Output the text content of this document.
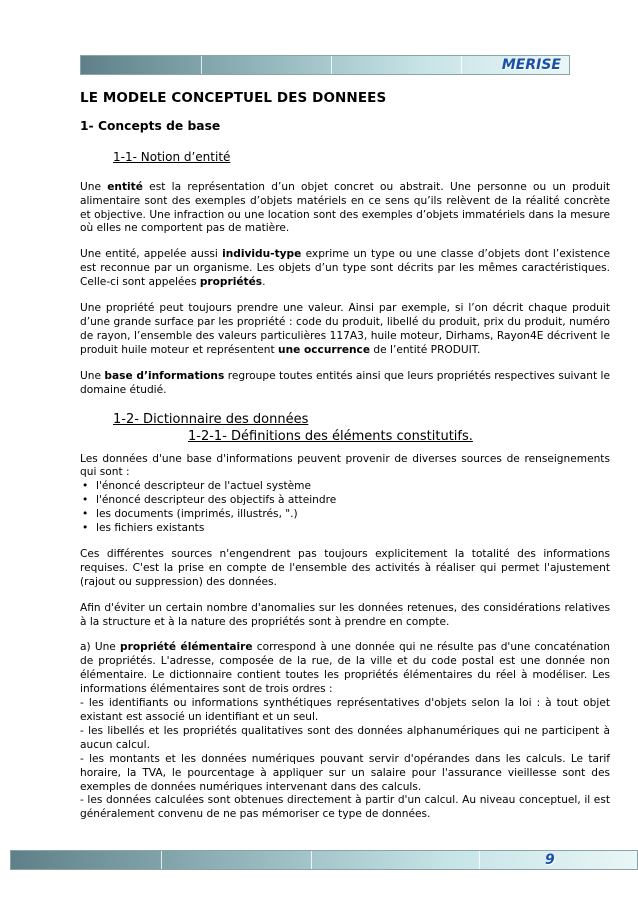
MERISE
LE MODELE CONCEPTUEL DES DONNEES
1- Concepts de base
1-1- Notion d’entité

Une entité est la représentation d’un objet concret ou abstrait. Une personne ou un produit alimentaire sont des exemples d’objets matériels en ce sens qu’ils relèvent de la réalité concrète et objective. Une infraction ou une location sont des exemples d’objets immatériels dans la mesure où elles ne comportent pas de matière.

Une entité, appelée aussi individu-type exprime un type ou une classe d’objets dont l’existence est reconnue par un organisme. Les objets d’un type sont décrits par les mêmes caractéristiques. Celle-ci sont appelées propriétés.

Une propriété peut toujours prendre une valeur. Ainsi par exemple, si l’on décrit chaque produit d’une grande surface par les propriété : code du produit, libellé du produit, prix du produit, numéro de rayon, l’ensemble des valeurs particulières 117A3, huile moteur, Dirhams, Rayon4E décrivent le produit huile moteur et représentent une occurrence de l’entité PRODUIT.

Une base d’informations regroupe toutes entités ainsi que leurs propriétés respectives suivant le domaine étudié.

1-2- Dictionnaire des données
1-2-1- Définitions des éléments constitutifs.

Les données d'une base d'informations peuvent provenir de diverses sources de renseignements qui sont :

• l'énoncé descripteur de l'actuel système
• l'énoncé descripteur des objectifs à atteindre
• les documents (imprimés, illustrés, ".)
• les fichiers existants

Ces différentes sources n'engendrent pas toujours explicitement la totalité des informations requises. C'est la prise en compte de l'ensemble des activités à réaliser qui permet l'ajustement (rajout ou suppression) des données.

Afin d'éviter un certain nombre d'anomalies sur les données retenues, des considérations relatives à la structure et à la nature des propriétés sont à prendre en compte.

a) Une propriété élémentaire correspond à une donnée qui ne résulte pas d'une concaténation de propriétés. L'adresse, composée de la rue, de la ville et du code postal est une donnée non élémentaire. Le dictionnaire contient toutes les propriétés élémentaires du réel à modéliser. Les informations élémentaires sont de trois ordres :

- les identifiants ou informations synthétiques représentatives d'objets selon la loi : à tout objet existant est associé un identifiant et un seul.

- les libellés et les propriétés qualitatives sont des données alphanumériques qui ne participent à aucun calcul.

- les montants et les données numériques pouvant servir d'opérandes dans les calculs. Le tarif horaire, la TVA, le pourcentage à appliquer sur un salaire pour l'assurance vieillesse sont des exemples de données numériques intervenant dans des calculs.

- les données calculées sont obtenues directement à partir d'un calcul. Au niveau conceptuel, il est généralement convenu de ne pas mémoriser ce type de données.

9
